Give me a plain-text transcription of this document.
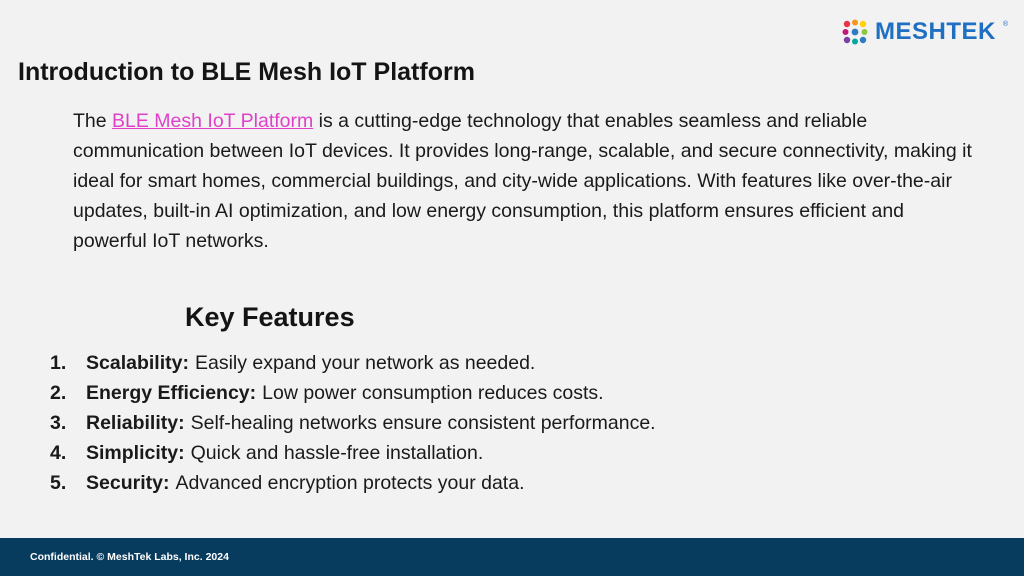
MESHTEK ®
Introduction to BLE Mesh IoT Platform

The BLE Mesh IoT Platform is a cutting-edge technology that enables seamless and reliable communication between IoT devices. It provides long-range, scalable, and secure connectivity, making it ideal for smart homes, commercial buildings, and city-wide applications. With features like over-the-air updates, built-in AI optimization, and low energy consumption, this platform ensures efficient and powerful IoT networks.

Key Features
1.	Scalability: Easily expand your network as needed.
2.	Energy Efficiency: Low power consumption reduces costs.
3.	Reliability: Self-healing networks ensure consistent performance.
4.	Simplicity: Quick and hassle-free installation.
5.	Security: Advanced encryption protects your data.
Confidential. © MeshTek Labs, Inc. 2024
